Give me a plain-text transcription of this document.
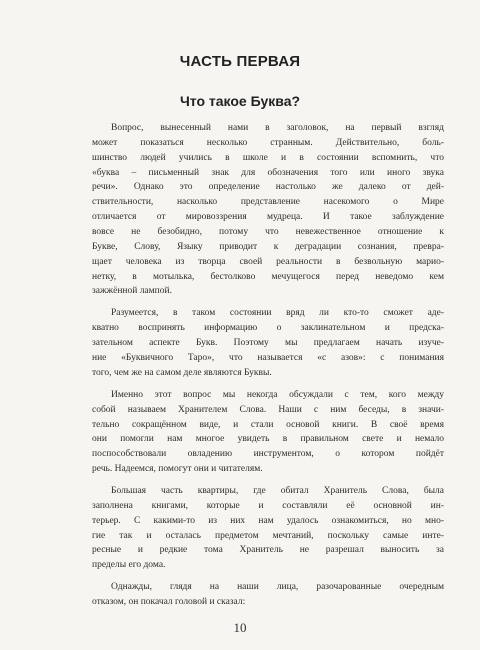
ЧАСТЬ ПЕРВАЯ
Что такое Буква?
Вопрос, вынесенный нами в заголовок, на первый взгляд
может показаться несколько странным. Действительно, боль-
шинство людей учились в школе и в состоянии вспомнить, что
«буква – письменный знак для обозначения того или иного звука
речи». Однако это определение настолько же далеко от дей-
ствительности, насколько представление насекомого о Мире
отличается от мировоззрения мудреца. И такое заблуждение
вовсе не безобидно, потому что невежественное отношение к
Букве, Слову, Языку приводит к деградации сознания, превра-
щает человека из творца своей реальности в безвольную марио-
нетку, в мотылька, бестолково мечущегося перед неведомо кем
зажжённой лампой.
Разумеется, в таком состоянии вряд ли кто-то сможет аде-
кватно воспринять информацию о заклинательном и предска-
зательном аспекте Букв. Поэтому мы предлагаем начать изуче-
ние «Буквичного Таро», что называется «с азов»: с понимания
того, чем же на самом деле являются Буквы.
Именно этот вопрос мы некогда обсуждали с тем, кого между
собой называем Хранителем Слова. Наши с ним беседы, в значи-
тельно сокращённом виде, и стали основой книги. В своё время
они помогли нам многое увидеть в правильном свете и немало
поспособствовали овладению инструментом, о котором пойдёт
речь. Надеемся, помогут они и читателям.
Большая часть квартиры, где обитал Хранитель Слова, была
заполнена книгами, которые и составляли её основной ин-
терьер. С какими-то из них нам удалось ознакомиться, но мно-
гие так и осталась предметом мечтаний, поскольку самые инте-
ресные и редкие тома Хранитель не разрешал выносить за
пределы его дома.
Однажды, глядя на наши лица, разочарованные очередным
отказом, он покачал головой и сказал:
10
